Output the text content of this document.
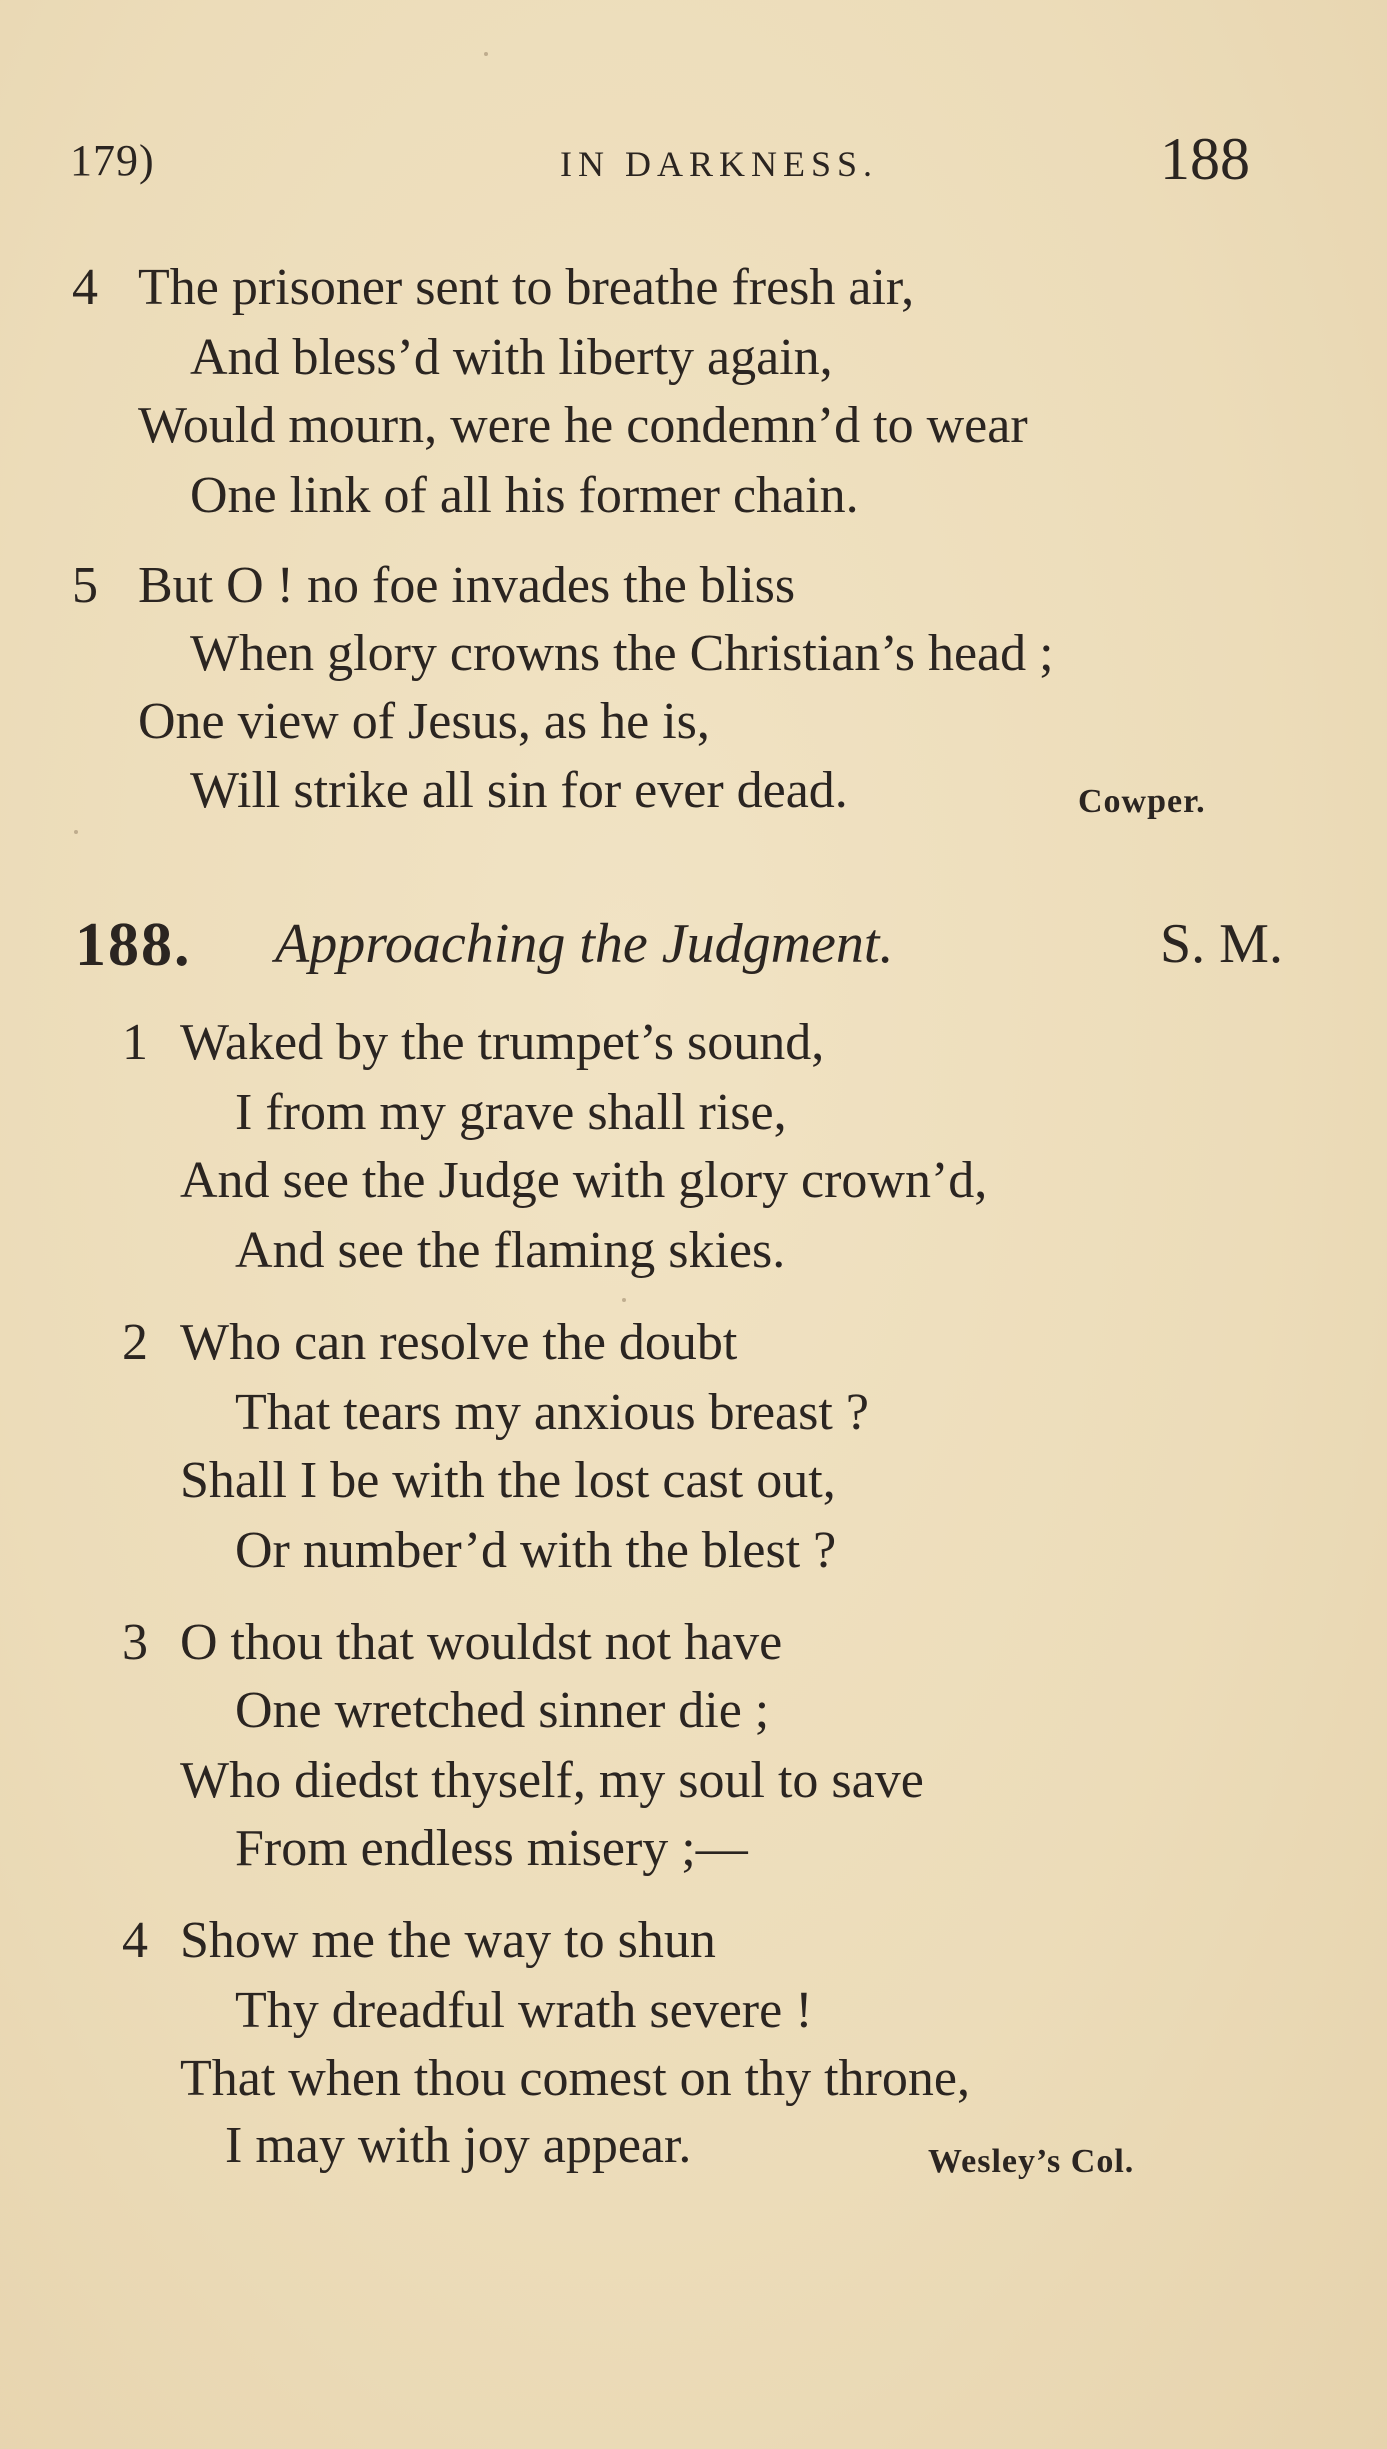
179)	IN DARKNESS.	188
4 The prisoner sent to breathe fresh air,
And bless’d with liberty again,
Would mourn, were he condemn’d to wear
One link of all his former chain.
5 But O ! no foe invades the bliss
When glory crowns the Christian’s head ;
One view of Jesus, as he is,
Will strike all sin for ever dead.	Cowper.
188. Approaching the Judgment.	S. M.
1 Waked by the trumpet’s sound,
I from my grave shall rise,
And see the Judge with glory crown’d,
And see the flaming skies.
2 Who can resolve the doubt
That tears my anxious breast ?
Shall I be with the lost cast out,
Or number’d with the blest ?
3 O thou that wouldst not have
One wretched sinner die ;
Who diedst thyself, my soul to save
From endless misery ;—
4 Show me the way to shun
Thy dreadful wrath severe !
That when thou comest on thy throne,
I may with joy appear.	Wesley’s Col.
